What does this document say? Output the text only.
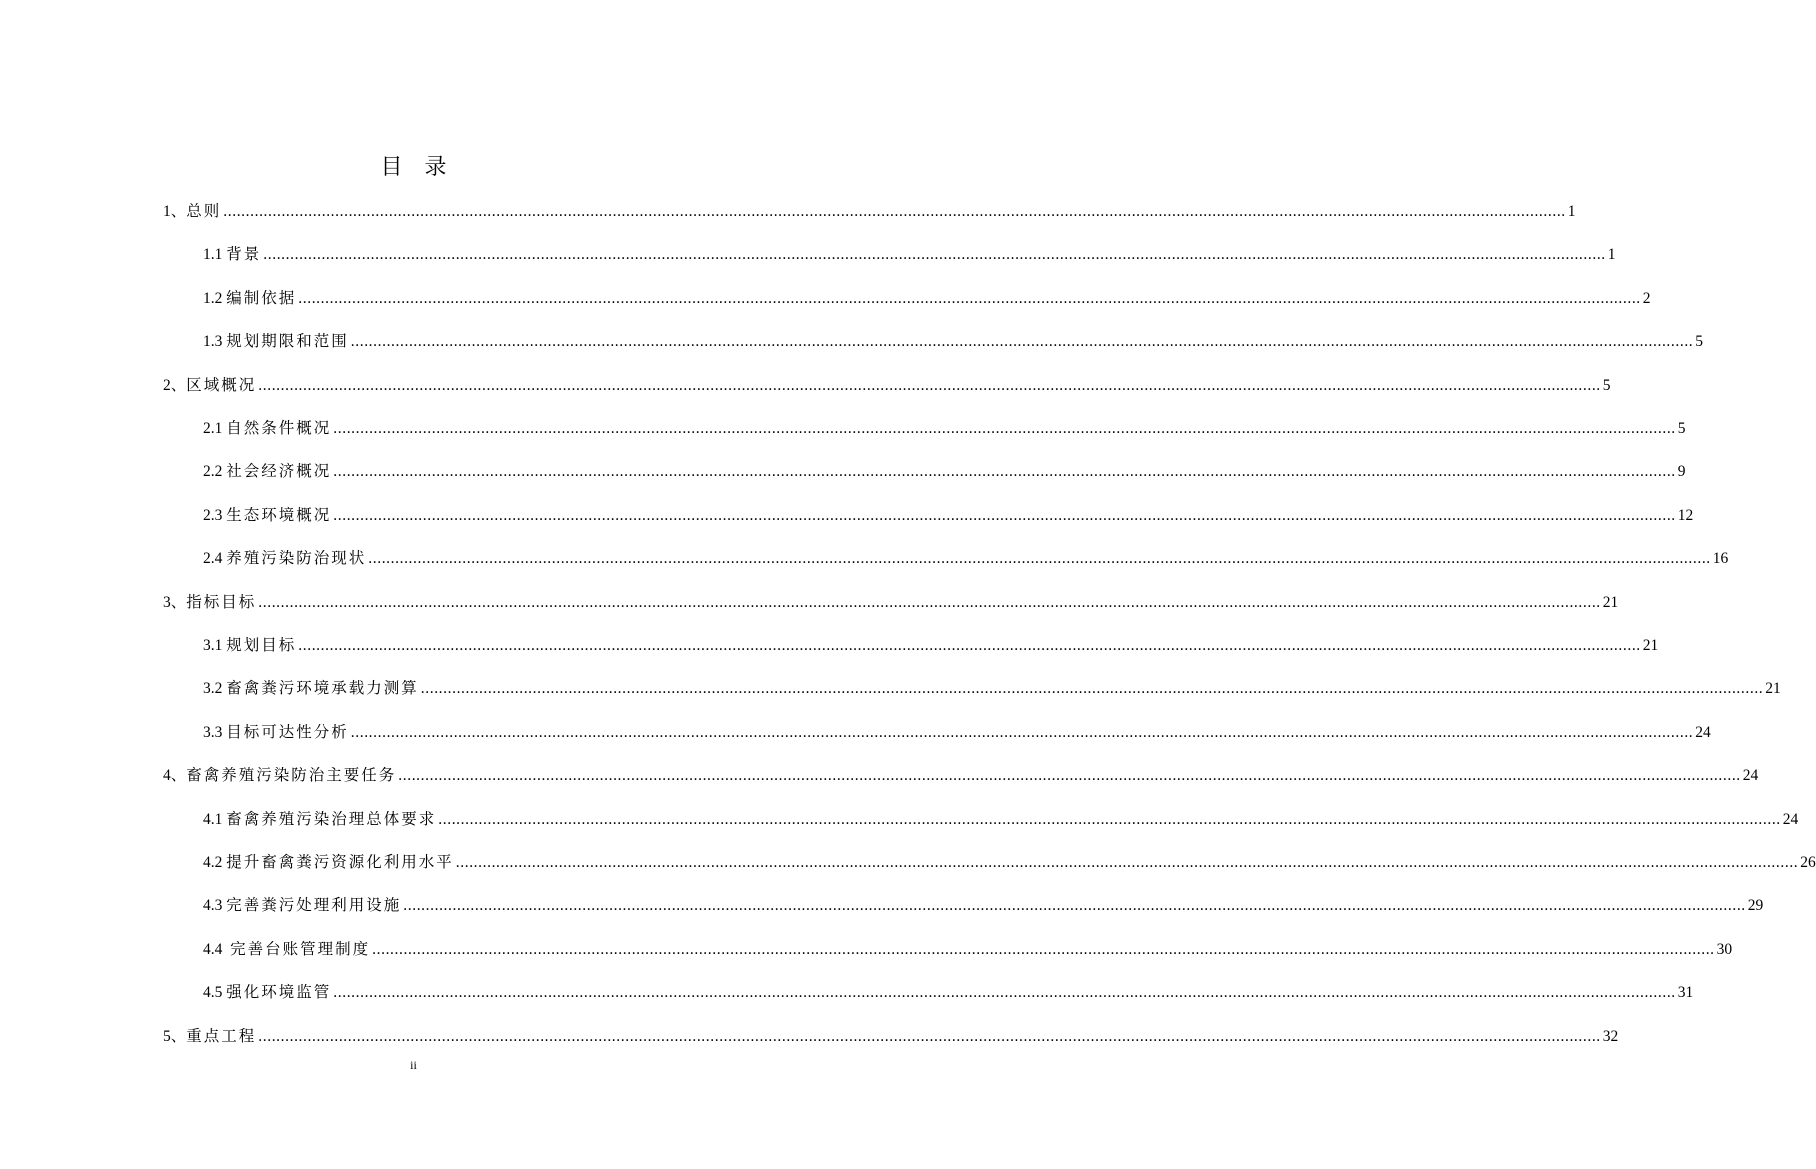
目录
1、 总则 ............................................................................................................................................................................................................................................................................................................ 1
1.1 背景 ............................................................................................................................................................................................................................................................................................................ 1
1.2 编制依据 ............................................................................................................................................................................................................................................................................................................ 2
1.3 规划期限和范围 ............................................................................................................................................................................................................................................................................................................ 5
2、 区域概况 ............................................................................................................................................................................................................................................................................................................ 5
2.1 自然条件概况 ............................................................................................................................................................................................................................................................................................................ 5
2.2 社会经济概况 ............................................................................................................................................................................................................................................................................................................ 9
2.3 生态环境概况 ............................................................................................................................................................................................................................................................................................................ 12
2.4 养殖污染防治现状 ............................................................................................................................................................................................................................................................................................................ 16
3、 指标目标 ............................................................................................................................................................................................................................................................................................................ 21
3.1 规划目标 ............................................................................................................................................................................................................................................................................................................ 21
3.2 畜禽粪污环境承载力测算 ............................................................................................................................................................................................................................................................................................................ 21
3.3 目标可达性分析 ............................................................................................................................................................................................................................................................................................................ 24
4、 畜禽养殖污染防治主要任务 ............................................................................................................................................................................................................................................................................................................ 24
4.1 畜禽养殖污染治理总体要求 ............................................................................................................................................................................................................................................................................................................ 24
4.2 提升畜禽粪污资源化利用水平 ............................................................................................................................................................................................................................................................................................................ 26
4.3 完善粪污处理利用设施 ............................................................................................................................................................................................................................................................................................................ 29
4.4 完善台账管理制度 ............................................................................................................................................................................................................................................................................................................ 30
4.5 强化环境监管 ............................................................................................................................................................................................................................................................................................................ 31
5、 重点工程 ............................................................................................................................................................................................................................................................................................................ 32
ii
